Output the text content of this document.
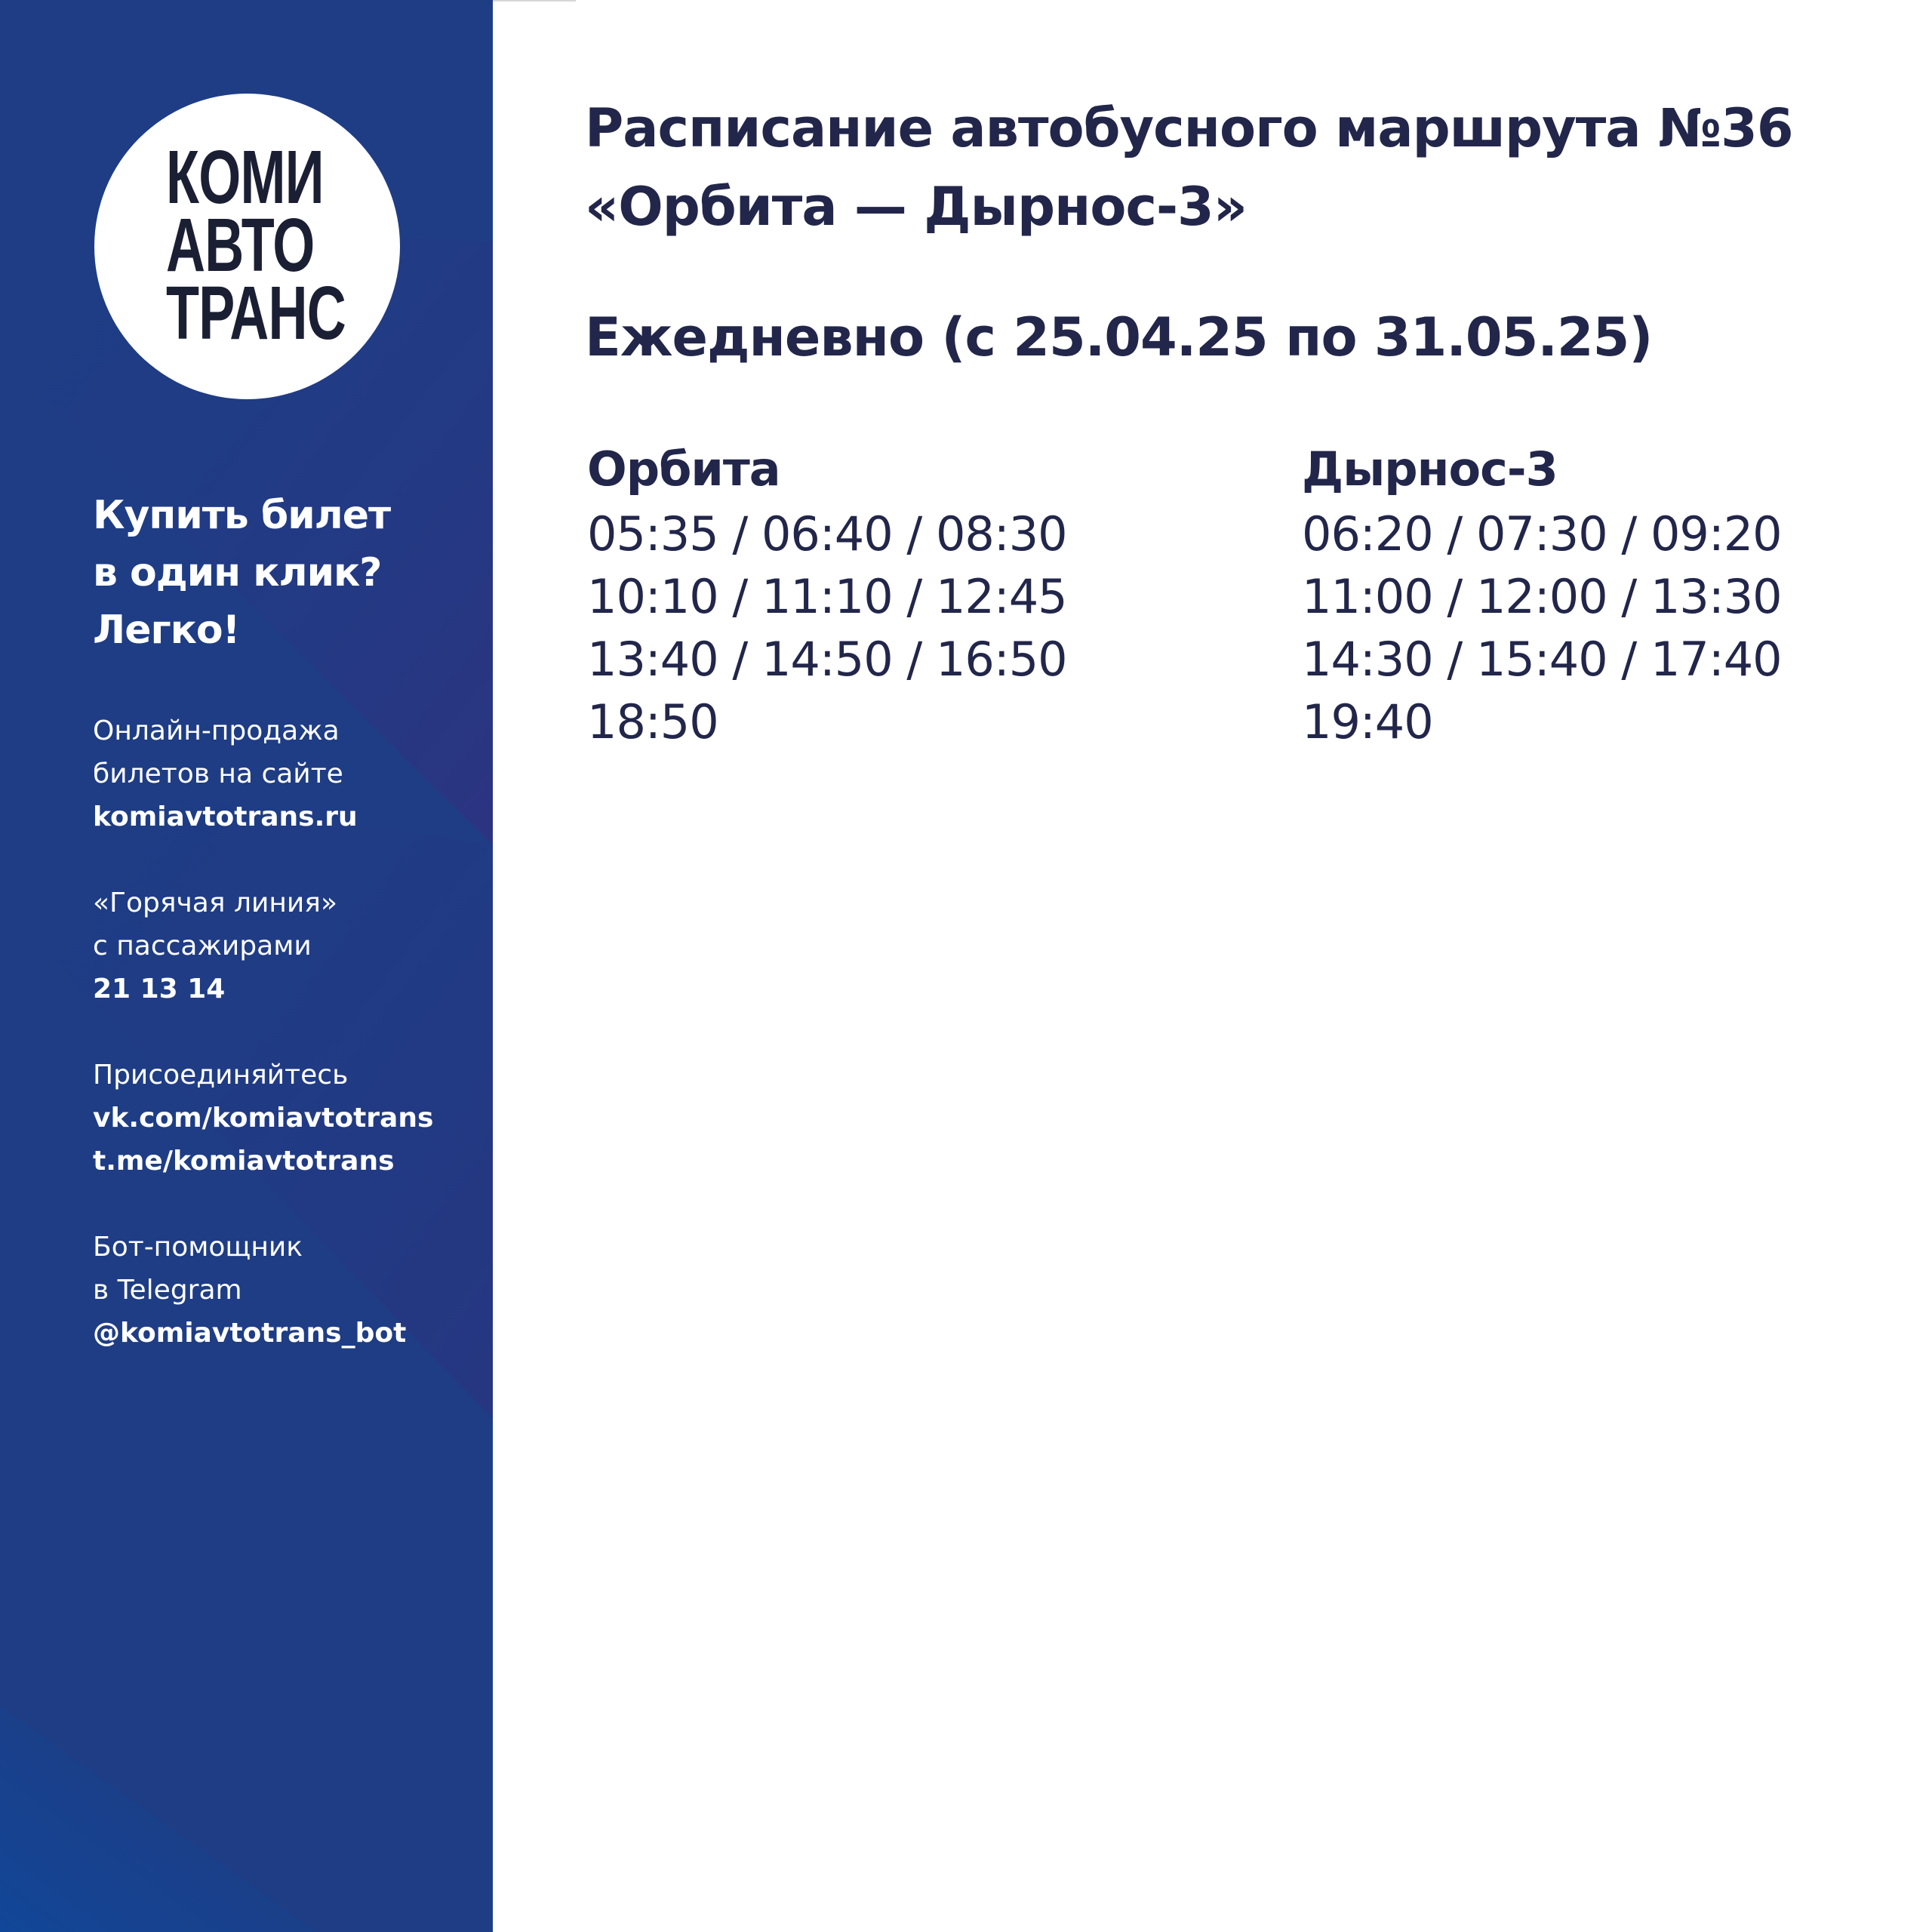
КОМИ
АВТО
ТРАНС
Купить билет
в один клик?
Легко!
Онлайн-продажа
билетов на сайте
komiavtotrans.ru
«Горячая линия»
с пассажирами
21 13 14
Присоединяйтесь
vk.com/komiavtotrans
t.me/komiavtotrans
Бот-помощник
в Telegram
@komiavtotrans_bot
Расписание автобусного маршрута №36
«Орбита — Дырнос-3»
Ежедневно (с 25.04.25 по 31.05.25)
Орбита
05:35 / 06:40 / 08:30
10:10 / 11:10 / 12:45
13:40 / 14:50 / 16:50
18:50
Дырнос-3
06:20 / 07:30 / 09:20
11:00 / 12:00 / 13:30
14:30 / 15:40 / 17:40
19:40
